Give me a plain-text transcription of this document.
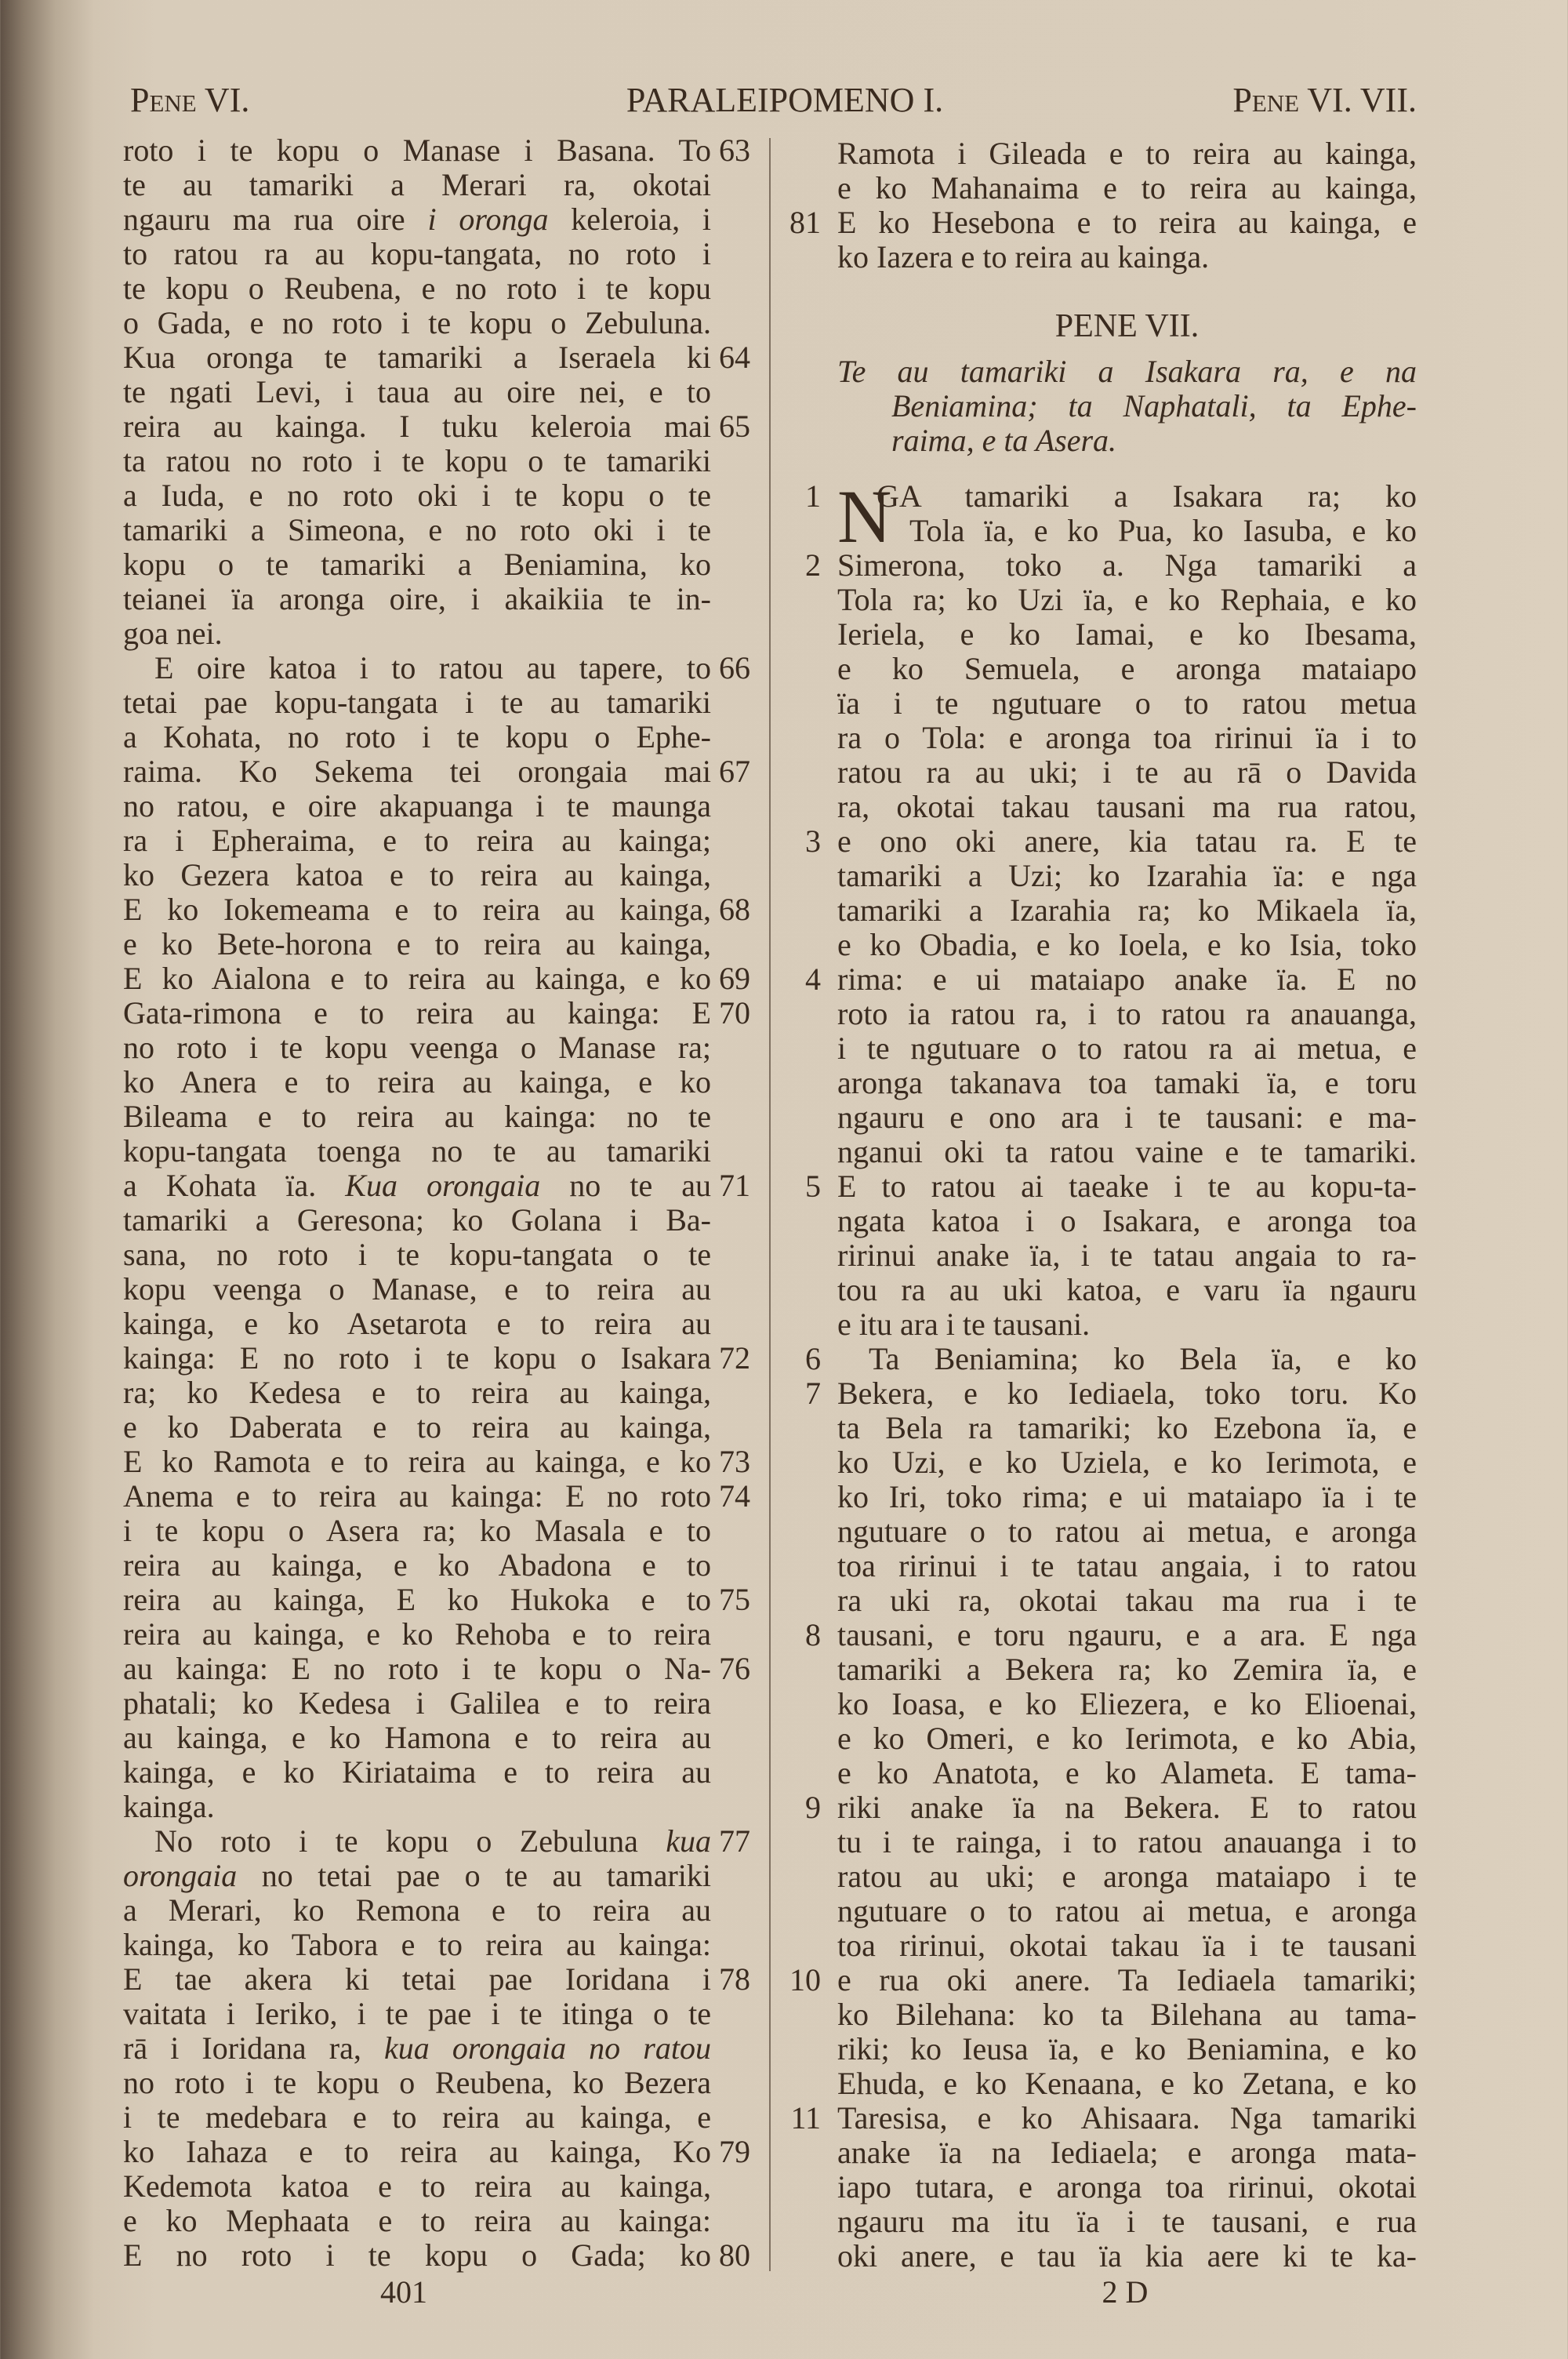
Pene VI.	PARALEIPOMENO I.	Pene VI. VII.
roto i te kopu o Manase i Basana. To 63
te au tamariki a Merari ra, okotai
ngauru ma rua oire i oronga keleroia, i
to ratou ra au kopu-tangata, no roto i
te kopu o Reubena, e no roto i te kopu
o Gada, e no roto i te kopu o Zebuluna.
Kua oronga te tamariki a Iseraela ki 64
te ngati Levi, i taua au oire nei, e to
reira au kainga. I tuku keleroia mai 65
ta ratou no roto i te kopu o te tamariki
a Iuda, e no roto oki i te kopu o te
tamariki a Simeona, e no roto oki i te
kopu o te tamariki a Beniamina, ko
teianei ïa aronga oire, i akaikiia te in-
goa nei.
E oire katoa i to ratou au tapere, to 66
tetai pae kopu-tangata i te au tamariki
a Kohata, no roto i te kopu o Ephe-
raima. Ko Sekema tei orongaia mai 67
no ratou, e oire akapuanga i te maunga
ra i Epheraima, e to reira au kainga;
ko Gezera katoa e to reira au kainga,
E ko Iokemeama e to reira au kainga, 68
e ko Bete-horona e to reira au kainga,
E ko Aialona e to reira au kainga, e ko 69
Gata-rimona e to reira au kainga: E 70
no roto i te kopu veenga o Manase ra;
ko Anera e to reira au kainga, e ko
Bileama e to reira au kainga: no te
kopu-tangata toenga no te au tamariki
a Kohata ïa. Kua orongaia no te au 71
tamariki a Geresona; ko Golana i Ba-
sana, no roto i te kopu-tangata o te
kopu veenga o Manase, e to reira au
kainga, e ko Asetarota e to reira au
kainga: E no roto i te kopu o Isakara 72
ra; ko Kedesa e to reira au kainga,
e ko Daberata e to reira au kainga,
E ko Ramota e to reira au kainga, e ko 73
Anema e to reira au kainga: E no roto 74
i te kopu o Asera ra; ko Masala e to
reira au kainga, e ko Abadona e to
reira au kainga, E ko Hukoka e to 75
reira au kainga, e ko Rehoba e to reira
au kainga: E no roto i te kopu o Na- 76
phatali; ko Kedesa i Galilea e to reira
au kainga, e ko Hamona e to reira au
kainga, e ko Kiriataima e to reira au
kainga.
No roto i te kopu o Zebuluna kua 77
orongaia no tetai pae o te au tamariki
a Merari, ko Remona e to reira au
kainga, ko Tabora e to reira au kainga:
E tae akera ki tetai pae Ioridana i 78
vaitata i Ieriko, i te pae i te itinga o te
rā i Ioridana ra, kua orongaia no ratou
no roto i te kopu o Reubena, ko Bezera
i te medebara e to reira au kainga, e
ko Iahaza e to reira au kainga, Ko 79
Kedemota katoa e to reira au kainga,
e ko Mephaata e to reira au kainga:
E no roto i te kopu o Gada; ko 80
Ramota i Gileada e to reira au kainga,
e ko Mahanaima e to reira au kainga,
E ko Hesebona e to reira au kainga, e
81
ko Iazera e to reira au kainga.
PENE VII.
Te au tamariki a Isakara ra, e na
Beniamina; ta Naphatali, ta Ephe-
raima, e ta Asera.
N
GA tamariki a Isakara ra; ko
1
Tola ïa, e ko Pua, ko Iasuba, e ko
Simerona, toko a. Nga tamariki a
2
Tola ra; ko Uzi ïa, e ko Rephaia, e ko
Ieriela, e ko Iamai, e ko Ibesama,
e ko Semuela, e aronga mataiapo
ïa i te ngutuare o to ratou metua
ra o Tola: e aronga toa ririnui ïa i to
ratou ra au uki; i te au rā o Davida
ra, okotai takau tausani ma rua ratou,
e ono oki anere, kia tatau ra. E te
3
tamariki a Uzi; ko Izarahia ïa: e nga
tamariki a Izarahia ra; ko Mikaela ïa,
e ko Obadia, e ko Ioela, e ko Isia, toko
rima: e ui mataiapo anake ïa. E no
4
roto ia ratou ra, i to ratou ra anauanga,
i te ngutuare o to ratou ra ai metua, e
aronga takanava toa tamaki ïa, e toru
ngauru e ono ara i te tausani: e ma-
nganui oki ta ratou vaine e te tamariki.
E to ratou ai taeake i te au kopu-ta-
5
ngata katoa i o Isakara, e aronga toa
ririnui anake ïa, i te tatau angaia to ra-
tou ra au uki katoa, e varu ïa ngauru
e itu ara i te tausani.
Ta Beniamina; ko Bela ïa, e ko
6
Bekera, e ko Iediaela, toko toru. Ko
7
ta Bela ra tamariki; ko Ezebona ïa, e
ko Uzi, e ko Uziela, e ko Ierimota, e
ko Iri, toko rima; e ui mataiapo ïa i te
ngutuare o to ratou ai metua, e aronga
toa ririnui i te tatau angaia, i to ratou
ra uki ra, okotai takau ma rua i te
tausani, e toru ngauru, e a ara. E nga
8
tamariki a Bekera ra; ko Zemira ïa, e
ko Ioasa, e ko Eliezera, e ko Elioenai,
e ko Omeri, e ko Ierimota, e ko Abia,
e ko Anatota, e ko Alameta. E tama-
riki anake ïa na Bekera. E to ratou
9
tu i te rainga, i to ratou anauanga i to
ratou au uki; e aronga mataiapo i te
ngutuare o to ratou ai metua, e aronga
toa ririnui, okotai takau ïa i te tausani
e rua oki anere. Ta Iediaela tamariki;
10
ko Bilehana: ko ta Bilehana au tama-
riki; ko Ieusa ïa, e ko Beniamina, e ko
Ehuda, e ko Kenaana, e ko Zetana, e ko
Taresisa, e ko Ahisaara. Nga tamariki
11
anake ïa na Iediaela; e aronga mata-
iapo tutara, e aronga toa ririnui, okotai
ngauru ma itu ïa i te tausani, e rua
oki anere, e tau ïa kia aere ki te ka-
401	2 D
